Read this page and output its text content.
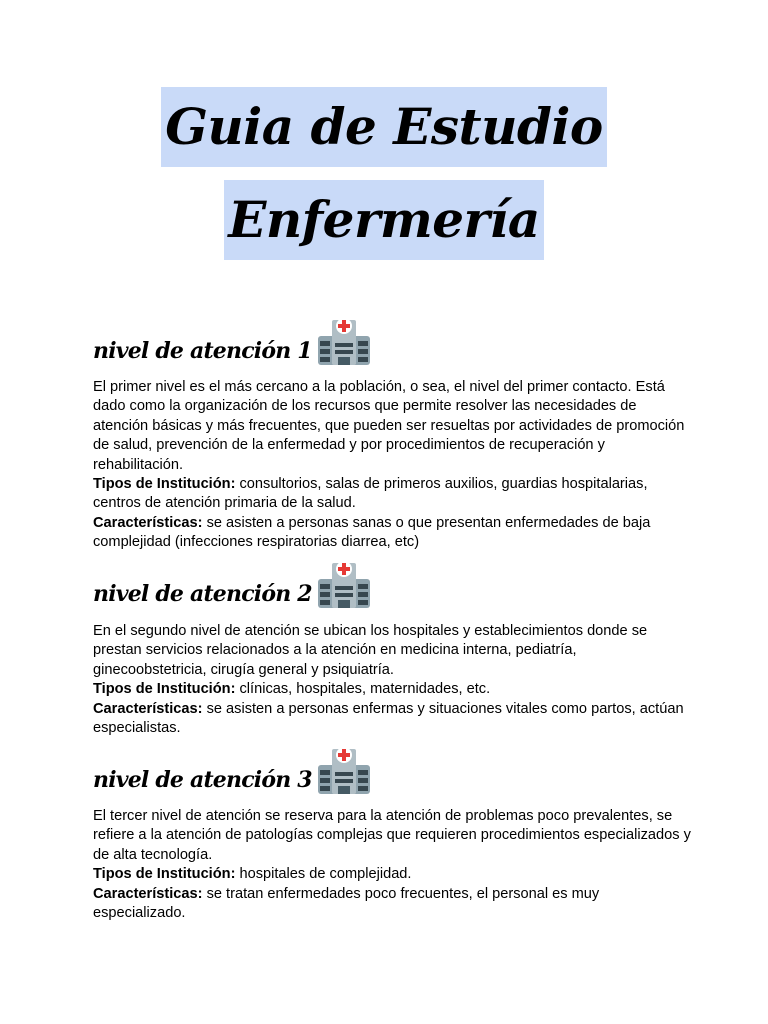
Guia de Estudio
Enfermería
nivel de atención 1

El primer nivel es el más cercano a la población, o sea, el nivel del primer contacto. Está dado como la organización de los recursos que permite resolver las necesidades de atención básicas y más frecuentes, que pueden ser resueltas por actividades de promoción de salud, prevención de la enfermedad y por procedimientos de recuperación y rehabilitación.

Tipos de Institución: consultorios, salas de primeros auxilios, guardias hospitalarias, centros de atención primaria de la salud.

Características: se asisten a personas sanas o que presentan enfermedades de baja complejidad (infecciones respiratorias diarrea, etc)

nivel de atención 2

En el segundo nivel de atención se ubican los hospitales y establecimientos donde se prestan servicios relacionados a la atención en medicina interna, pediatría, ginecoobstetricia, cirugía general y psiquiatría.

Tipos de Institución: clínicas, hospitales, maternidades, etc.

Características: se asisten a personas enfermas y situaciones vitales como partos, actúan especialistas.

nivel de atención 3

El tercer nivel de atención se reserva para la atención de problemas poco prevalentes, se refiere a la atención de patologías complejas que requieren procedimientos especializados y de alta tecnología.

Tipos de Institución: hospitales de complejidad.

Características: se tratan enfermedades poco frecuentes, el personal es muy especializado.
